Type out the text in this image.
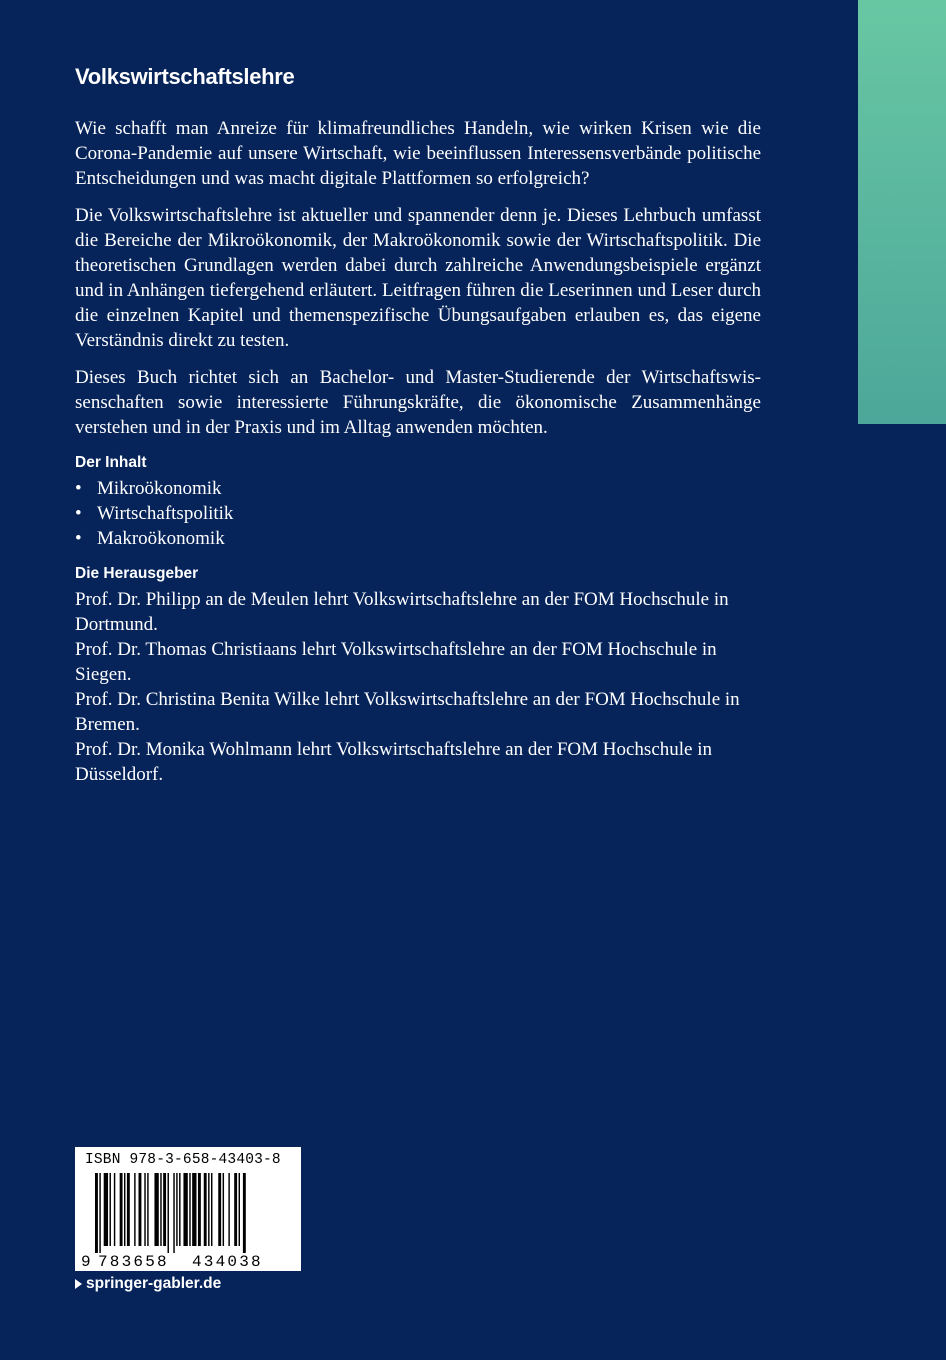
Volkswirtschaftslehre

Wie schafft man Anreize für klimafreundliches Handeln, wie wirken Krisen wie die Corona-Pandemie auf unsere Wirtschaft, wie beeinflussen Interessensverbände politische Entscheidungen und was macht digitale Plattformen so erfolgreich?

Die Volkswirtschaftslehre ist aktueller und spannender denn je. Dieses Lehrbuch umfasst die Bereiche der Mikroökonomik, der Makroökonomik sowie der Wirtschaftspolitik. Die theoretischen Grundlagen werden dabei durch zahlreiche Anwendungsbeispiele ergänzt und in Anhängen tiefergehend erläutert. Leitfragen führen die Leserinnen und Leser durch die einzelnen Kapitel und themenspezifische Übungsaufgaben erlauben es, das eigene Verständnis direkt zu testen.

Dieses Buch richtet sich an Bachelor- und Master-Studierende der Wirtschaftswissenschaften sowie interessierte Führungskräfte, die ökonomische Zusammenhänge verstehen und in der Praxis und im Alltag anwenden möchten.

Der Inhalt
• Mikroökonomik
• Wirtschaftspolitik
• Makroökonomik
Die Herausgeber

Prof. Dr. Philipp an de Meulen lehrt Volkswirtschaftslehre an der FOM Hochschule in Dortmund.

Prof. Dr. Thomas Christiaans lehrt Volkswirtschaftslehre an der FOM Hochschule in Siegen.

Prof. Dr. Christina Benita Wilke lehrt Volkswirtschaftslehre an der FOM Hochschule in Bremen.

Prof. Dr. Monika Wohlmann lehrt Volkswirtschaftslehre an der FOM Hochschule in Düsseldorf.

ISBN 978-3-658-43403-8
9 783658 434038
springer-gabler.de
